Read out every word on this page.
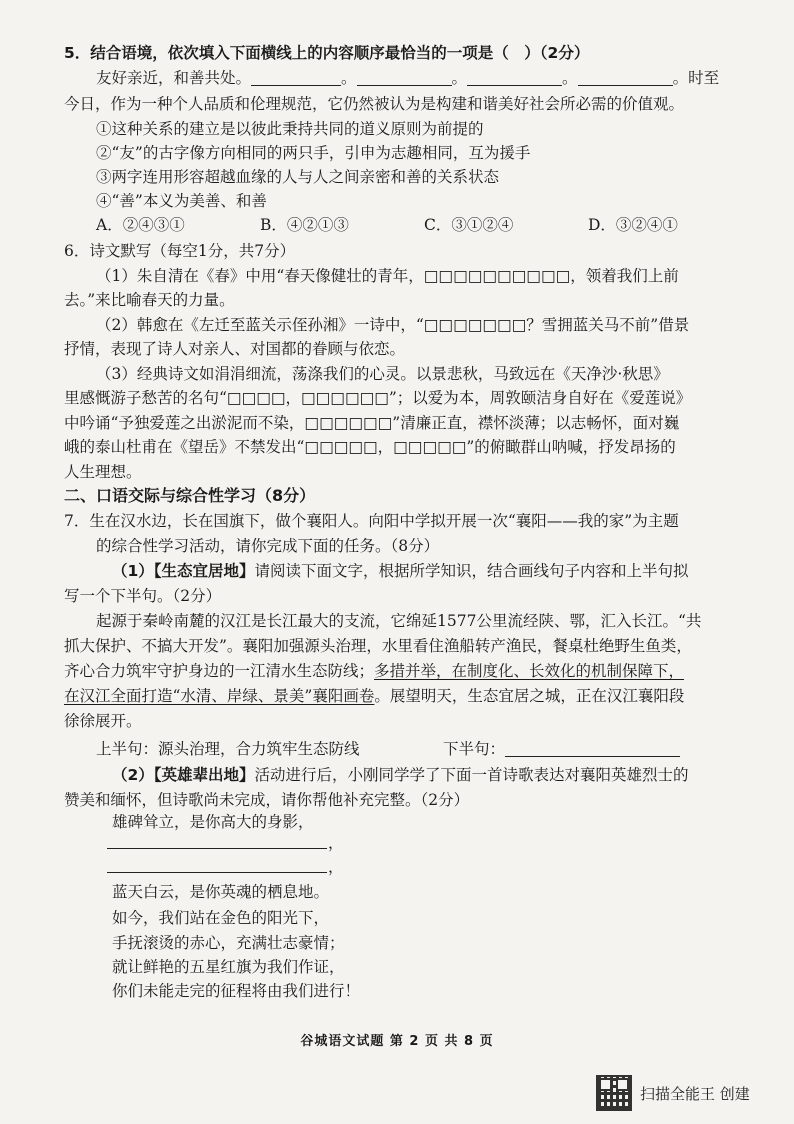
5．结合语境，依次填入下面横线上的内容顺序最恰当的一项是（　）（2分）
友好亲近，和善共处。	。	。	。	。时至
今日，作为一种个人品质和伦理规范，它仍然被认为是构建和谐美好社会所必需的价值观。
①这种关系的建立是以彼此秉持共同的道义原则为前提的
②“友”的古字像方向相同的两只手，引申为志趣相同，互为援手
③两字连用形容超越血缘的人与人之间亲密和善的关系状态
④“善”本义为美善、和善
A．②④③①	B．④②①③	C．③①②④	D．③②④①
6．诗文默写（每空1分，共7分）
（1）朱自清在《春》中用“春天像健壮的青年，□□□□□□□□□□，领着我们上前
去。”来比喻春天的力量。
（2）韩愈在《左迁至蓝关示侄孙湘》一诗中，“□□□□□□□？雪拥蓝关马不前”借景
抒情，表现了诗人对亲人、对国都的眷顾与依恋。
（3）经典诗文如涓涓细流，荡涤我们的心灵。以景悲秋，马致远在《天净沙·秋思》
里感慨游子愁苦的名句“□□□□，□□□□□□”；以爱为本，周敦颐洁身自好在《爱莲说》
中吟诵“予独爱莲之出淤泥而不染，□□□□□□”清廉正直，襟怀淡薄；以志畅怀，面对巍
峨的泰山杜甫在《望岳》不禁发出“□□□□□，□□□□□”的俯瞰群山呐喊，抒发昂扬的
人生理想。
二、口语交际与综合性学习（8分）
7．生在汉水边，长在国旗下，做个襄阳人。向阳中学拟开展一次“襄阳——我的家”为主题
的综合性学习活动，请你完成下面的任务。（8分）
（1）【生态宜居地】请阅读下面文字，根据所学知识，结合画线句子内容和上半句拟
写一个下半句。（2分）
起源于秦岭南麓的汉江是长江最大的支流，它绵延1577公里流经陕、鄂，汇入长江。“共
抓大保护、不搞大开发”。襄阳加强源头治理，水里看住渔船转产渔民，餐桌杜绝野生鱼类，
齐心合力筑牢守护身边的一江清水生态防线；多措并举，在制度化、长效化的机制保障下，
在汉江全面打造“水清、岸绿、景美”襄阳画卷。展望明天，生态宜居之城，正在汉江襄阳段
徐徐展开。
上半句：源头治理，合力筑牢生态防线	下半句：
（2）【英雄辈出地】活动进行后，小刚同学学了下面一首诗歌表达对襄阳英雄烈士的
赞美和缅怀，但诗歌尚未完成，请你帮他补充完整。（2分）
雄碑耸立，是你高大的身影，
，
，
蓝天白云，是你英魂的栖息地。
如今，我们站在金色的阳光下，
手抚滚烫的赤心，充满壮志豪情；
就让鲜艳的五星红旗为我们作证，
你们未能走完的征程将由我们进行！
谷城语文试题 第 2 页 共 8 页
扫描全能王 创建
